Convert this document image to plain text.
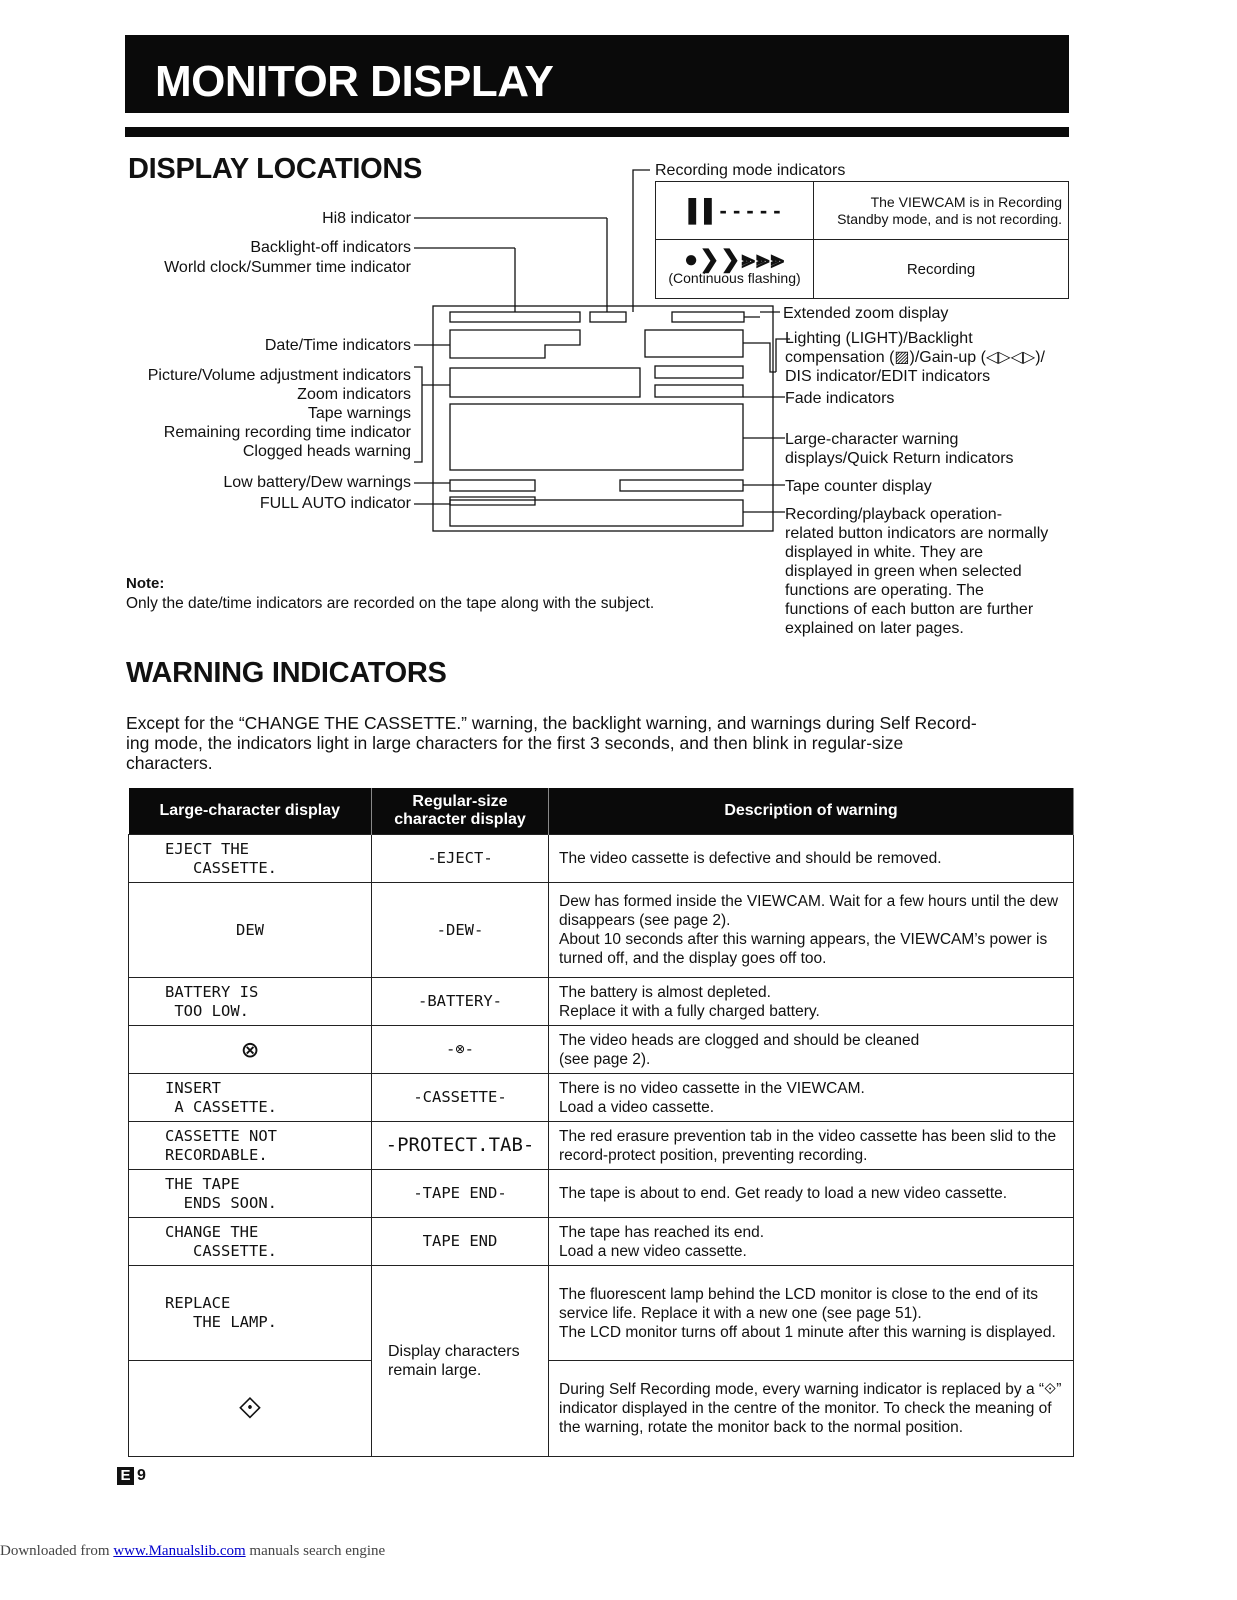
MONITOR DISPLAY
DISPLAY LOCATIONS
Hi8 indicator
Backlight-off indicators
World clock/Summer time indicator
Date/Time indicators
Picture/Volume adjustment indicators
Zoom indicators
Tape warnings
Remaining recording time indicator
Clogged heads warning
Low battery/Dew warnings
FULL AUTO indicator
Recording mode indicators
▌▌- - - - -	The VIEWCAM is in Recording
Standby mode, and is not recording.

●❯❯⫸⫸⫸
(Continuous flashing)	Recording
Extended zoom display
Lighting (LIGHT)/Backlight
compensation (▨)/Gain-up (◁▷◁▷)/
DIS indicator/EDIT indicators
Fade indicators
Large-character warning
displays/Quick Return indicators
Tape counter display
Recording/playback operation-
related button indicators are normally
displayed in white. They are
displayed in green when selected
functions are operating. The
functions of each button are further
explained on later pages.
Note:
Only the date/time indicators are recorded on the tape along with the subject.
WARNING INDICATORS
Except for the “CHANGE THE CASSETTE.” warning, the backlight warning, and warnings during Self Record-
ing mode, the indicators light in large characters for the first 3 seconds, and then blink in regular-size
characters.
Large-character display	Regular-size
character display	Description of warning
EJECT THE
CASSETTE.	-EJECT-	The video cassette is defective and should be removed.
DEW	-DEW-	Dew has formed inside the VIEWCAM. Wait for a few hours until the dew disappears (see page 2).
About 10 seconds after this warning appears, the VIEWCAM’s power is turned off, and the display goes off too.
BATTERY IS
TOO LOW.	-BATTERY-	The battery is almost depleted.
Replace it with a fully charged battery.
⊗	-⊗-	The video heads are clogged and should be cleaned
(see page 2).
INSERT
A CASSETTE.	-CASSETTE-	There is no video cassette in the VIEWCAM.
Load a video cassette.
CASSETTE NOT
RECORDABLE.	-PROTECT.TAB-	The red erasure prevention tab in the video cassette has been slid to the record-protect position, preventing recording.
THE TAPE
ENDS SOON.	-TAPE END-	The tape is about to end. Get ready to load a new video cassette.
CHANGE THE
CASSETTE.	TAPE END	The tape has reached its end.
Load a new video cassette.
REPLACE
THE LAMP.	Display characters
remain large.	The fluorescent lamp behind the LCD monitor is close to the end of its service life. Replace it with a new one (see page 51).
The LCD monitor turns off about 1 minute after this warning is displayed.
⟐		During Self Recording mode, every warning indicator is replaced by a “⟐” indicator displayed in the centre of the monitor. To check the meaning of the warning, rotate the monitor back to the normal position.
E 9
Downloaded from www.Manualslib.com manuals search engine
